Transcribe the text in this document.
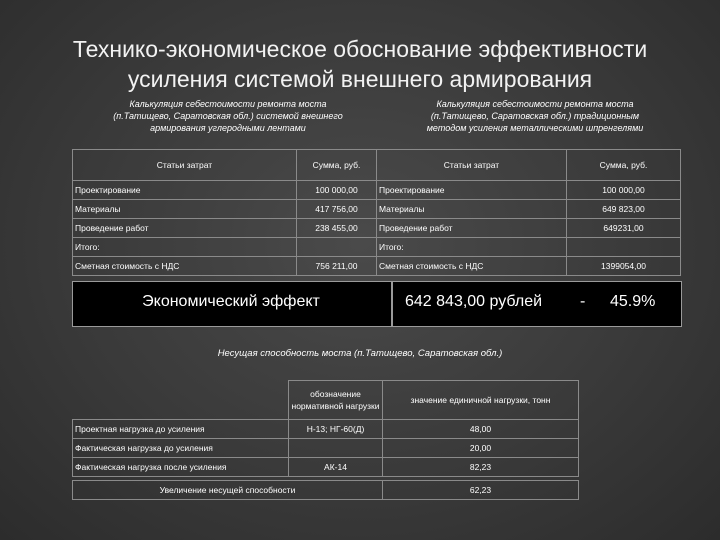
Технико-экономическое обоснование эффективности
усиления системой внешнего армирования
Калькуляция себестоимости ремонта моста
(п.Татищево, Саратовская обл.) системой внешнего
армирования углеродными лентами
Калькуляция себестоимости ремонта моста
(п.Татищево, Саратовская обл.) традиционным
методом усиления металлическими шпренгелями
Статьи затрат	Сумма, руб.	Статьи затрат	Сумма, руб.
Проектирование	100 000,00	Проектирование	100 000,00
Материалы	417 756,00	Материалы	649 823,00
Проведение работ	238 455,00	Проведение работ	649231,00
Итого:		Итого:	
Сметная стоимость с НДС	756 211,00	Сметная стоимость с НДС	1399054,00
Экономический эффект	642 843,00 рублей - 45.9%
Несущая способность моста (п.Татищево, Саратовская обл.)
	обозначение нормативной нагрузки	значение единичной нагрузки, тонн
Проектная нагрузка до усиления	Н-13; НГ-60(Д)	48,00
Фактическая нагрузка до усиления		20,00
Фактическая нагрузка после усиления	АК-14	82,23
Увеличение несущей способности	62,23
